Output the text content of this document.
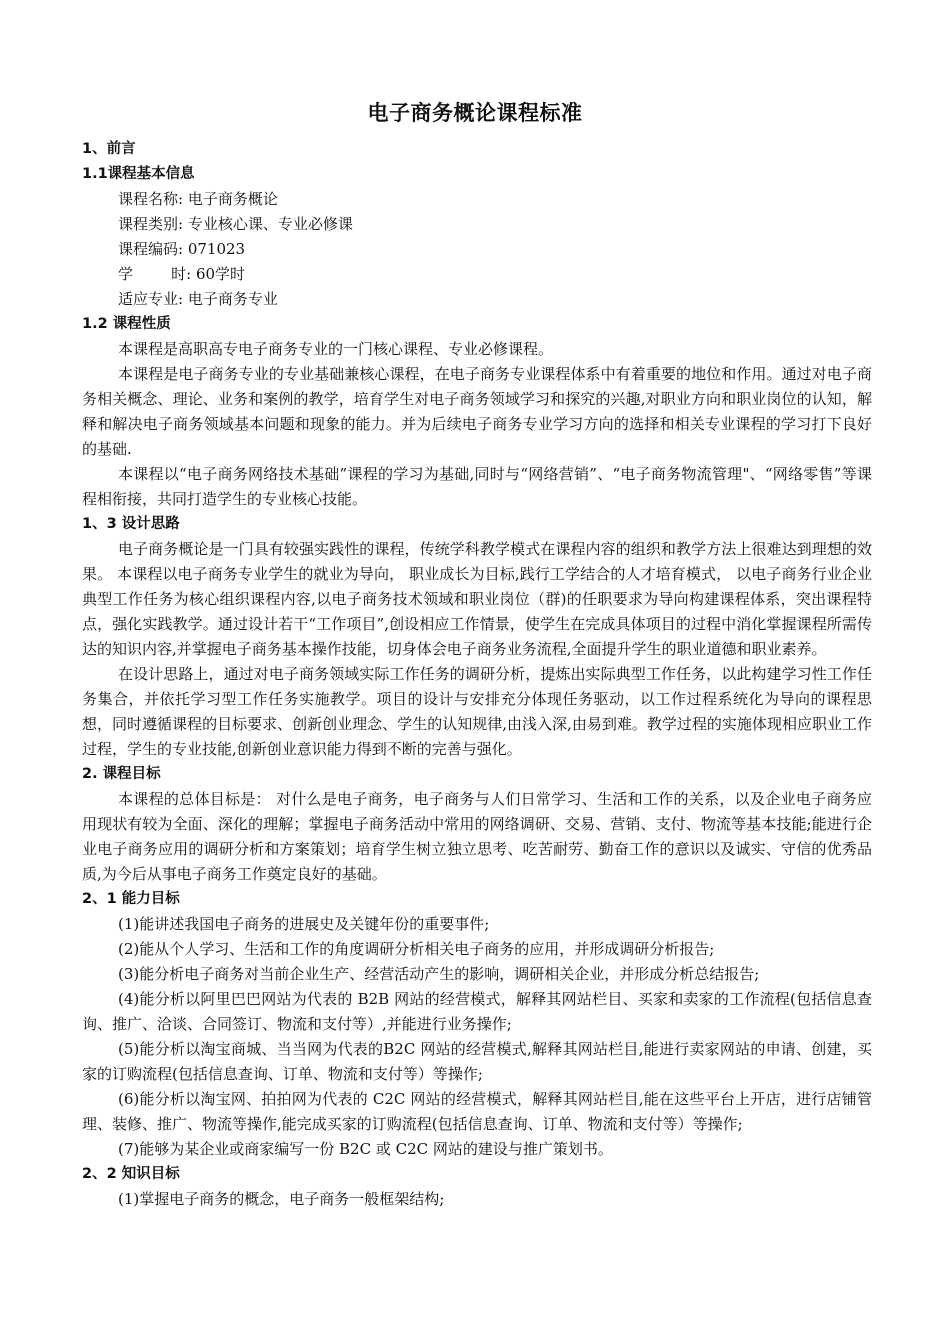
电子商务概论课程标准
1、前言
1.1课程基本信息
课程名称: 电子商务概论
课程类别: 专业核心课、专业必修课
课程编码: 071023
学        时: 60学时
适应专业: 电子商务专业
1.2 课程性质

本课程是高职高专电子商务专业的一门核心课程、专业必修课程。

本课程是电子商务专业的专业基础兼核心课程，在电子商务专业课程体系中有着重要的地位和作用。通过对电子商务相关概念、理论、业务和案例的教学，培育学生对电子商务领域学习和探究的兴趣,对职业方向和职业岗位的认知，解释和解决电子商务领域基本问题和现象的能力。并为后续电子商务专业学习方向的选择和相关专业课程的学习打下良好的基础.

本课程以“电子商务网络技术基础”课程的学习为基础,同时与“网络营销”、“电子商务物流管理"、“网络零售”等课程相衔接，共同打造学生的专业核心技能。

1、3 设计思路

电子商务概论是一门具有较强实践性的课程，传统学科教学模式在课程内容的组织和教学方法上很难达到理想的效果。 本课程以电子商务专业学生的就业为导向， 职业成长为目标,践行工学结合的人才培育模式， 以电子商务行业企业典型工作任务为核心组织课程内容,以电子商务技术领域和职业岗位（群)的任职要求为导向构建课程体系，突出课程特点，强化实践教学。通过设计若干“工作项目”,创设相应工作情景，使学生在完成具体项目的过程中消化掌握课程所需传达的知识内容,并掌握电子商务基本操作技能，切身体会电子商务业务流程,全面提升学生的职业道德和职业素养。

在设计思路上，通过对电子商务领域实际工作任务的调研分析，提炼出实际典型工作任务，以此构建学习性工作任务集合，并依托学习型工作任务实施教学。项目的设计与安排充分体现任务驱动，以工作过程系统化为导向的课程思想，同时遵循课程的目标要求、创新创业理念、学生的认知规律,由浅入深,由易到难。教学过程的实施体现相应职业工作过程，学生的专业技能,创新创业意识能力得到不断的完善与强化。

2. 课程目标

本课程的总体目标是： 对什么是电子商务，电子商务与人们日常学习、生活和工作的关系，以及企业电子商务应用现状有较为全面、深化的理解；掌握电子商务活动中常用的网络调研、交易、营销、支付、物流等基本技能;能进行企业电子商务应用的调研分析和方案策划；培育学生树立独立思考、吃苦耐劳、勤奋工作的意识以及诚实、守信的优秀品质,为今后从事电子商务工作奠定良好的基础。

2、1 能力目标

(1)能讲述我国电子商务的进展史及关键年份的重要事件;

(2)能从个人学习、生活和工作的角度调研分析相关电子商务的应用，并形成调研分析报告;

(3)能分析电子商务对当前企业生产、经营活动产生的影响，调研相关企业，并形成分析总结报告;

(4)能分析以阿里巴巴网站为代表的 B2B 网站的经营模式，解释其网站栏目、买家和卖家的工作流程(包括信息查询、推广、洽谈、合同签订、物流和支付等）,并能进行业务操作;

(5)能分析以淘宝商城、当当网为代表的B2C 网站的经营模式,解释其网站栏目,能进行卖家网站的申请、创建，买家的订购流程(包括信息查询、订单、物流和支付等）等操作;

(6)能分析以淘宝网、拍拍网为代表的 C2C 网站的经营模式，解释其网站栏目,能在这些平台上开店，进行店铺管理、装修、推广、物流等操作,能完成买家的订购流程(包括信息查询、订单、物流和支付等）等操作;

(7)能够为某企业或商家编写一份 B2C 或 C2C 网站的建设与推广策划书。

2、2 知识目标

(1)掌握电子商务的概念，电子商务一般框架结构;
